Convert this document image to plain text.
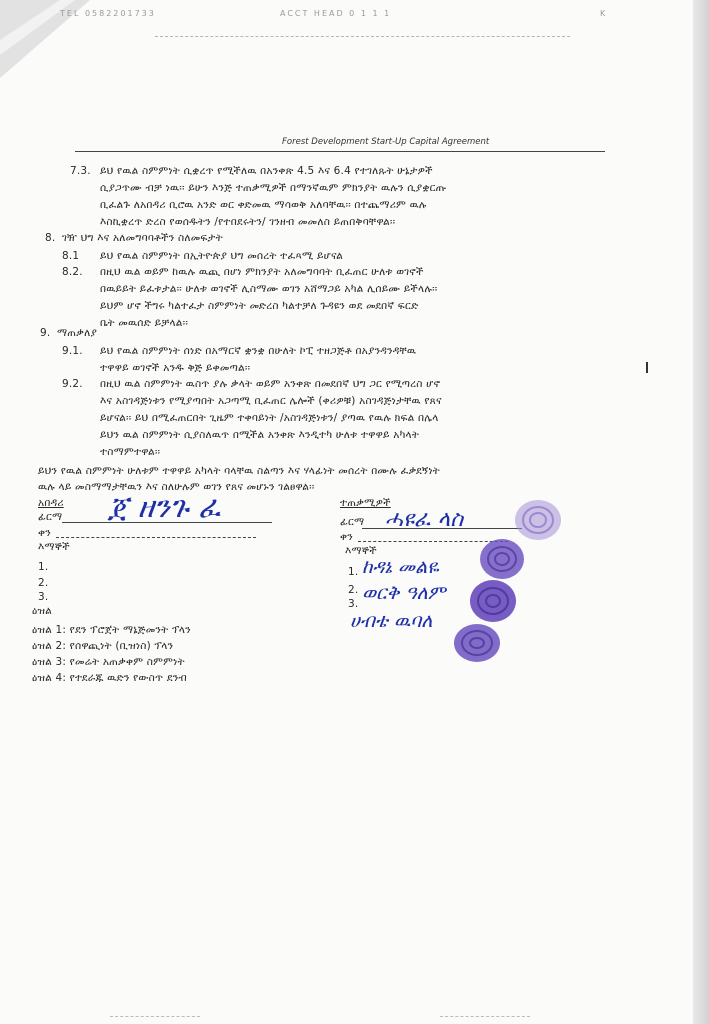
TEL 0582201733	ACCT HEAD 0 1 1 1	K
Forest Development Start-Up Capital Agreement
7.3. ይህ የዉል ስምምነት ሲቋረጥ የሚችለዉ በአንቀጽ 4.5 እና 6.4 የተገለጹት ሁኔታዎች
ሲያጋጥሙ ብቻ ነዉ፡፡ ይሁን እንጅ ተጠቃሚዎች በማንኛዉም ምክንያት ዉሉን ሲያቋርጡ
ቢፈልጉ ለአበዳሪ ቢሮዉ አንድ ወር ቀድመዉ ማሳወቅ አለባቸዉ፡፡ በተጨማሪም ዉሉ
እስኪቋረጥ ድረስ የወሰዱትን /የተበደሩትን/ ገንዘብ መመለስ ይጠበቅባቸዋል፡፡
8. ገዥ ህግ እና አለመግባባቶችን ስለመፍታት
8.1 ይህ የዉል ስምምነት በኢትዮጵያ ህግ መሰረት ተፈጻሚ ይሆናል
8.2. በዚህ ዉል ወይም ከዉሉ ዉጪ በሆነ ምክንያት አለመግባባት ቢፈጠር ሁለቱ ወገኖች
በዉይይት ይፈቱታል፡፡ ሁለቱ ወገኖች ሊስማሙ ወገን አሸማጋይ አካል ሊሰይሙ ይችላሉ፡፡
ይህም ሆኖ ችግሩ ካልተፈታ ስምምነት መድረስ ካልተቻለ ጉዳዩን ወደ መደበኛ ፍርድ
ቤት መዉሰድ ይቻላል፡፡
9. ማጠቃለያ
9.1. ይህ የዉል ስምምነት ሰነድ በአማርኛ ቋንቋ በሁለት ኮፒ ተዘጋጅቶ በአያንዳንዳቸዉ
ተዋዋይ ወገኖች አንዱ ቅጅ ይቀመጣል፡፡
9.2. በዚህ ዉል ስምምነት ዉስጥ ያሉ ቃላት ወይም አንቀጽ በመደበኛ ህግ ጋር የሚጣረስ ሆኖ
እና አስገዳጅነቱን የሚያጣበት አጋጣሚ ቢፈጠር ሌሎች (ቀሪዎቹ) አስገዳጅነታቸዉ የጸና
ይሆናል፡፡ ይህ በሚፈጠርበት ጊዜም ተቀባይነት /አስገዳጅነቱን/ ያጣዉ የዉሉ ክፍል በሌላ
ይህን ዉል ስምምነት ሲያስለዉጥ በሚችል አንቀጽ እንዲተካ ሁለቱ ተዋዋይ አካላት
ተስማምተዋል፡፡
ይህን የዉል ስምምነት ሁለቱም ተዋዋይ አካላት ባላቸዉ ስልጣን እና ሃላፊነት መሰረት በሙሉ ፈቃደኝነት
ዉሉ ላይ መስማማታቸዉን እና ስለሁሉም ወገን የጸና መሆኑን ገልፀዋል፡፡
አበዳሪ
ፊርማ ጀ ዘንጉ ፈ
ቀን
እማኞች
1.
2.
3.
ዕዝል
ዕዝል 1: የደን ፕሮጀት ማኔጅመንት ፕላን
ዕዝል 2: የሰዋጪነት (ቢዝነስ) ፕላን
ዕዝል 3: የመሬት አጠቃቀም ስምምነት
ዕዝል 4: የተደራጁ ዉድን የውስጥ ደንብ
ተጠቃሚዎች
ፊርማ ሓዩፈ ላስ
ቀን
እማኞች
1. ከዳኔ መልዬ
2. ወርቅ ዓለም
3.
ሀብቴ ዉባለ
